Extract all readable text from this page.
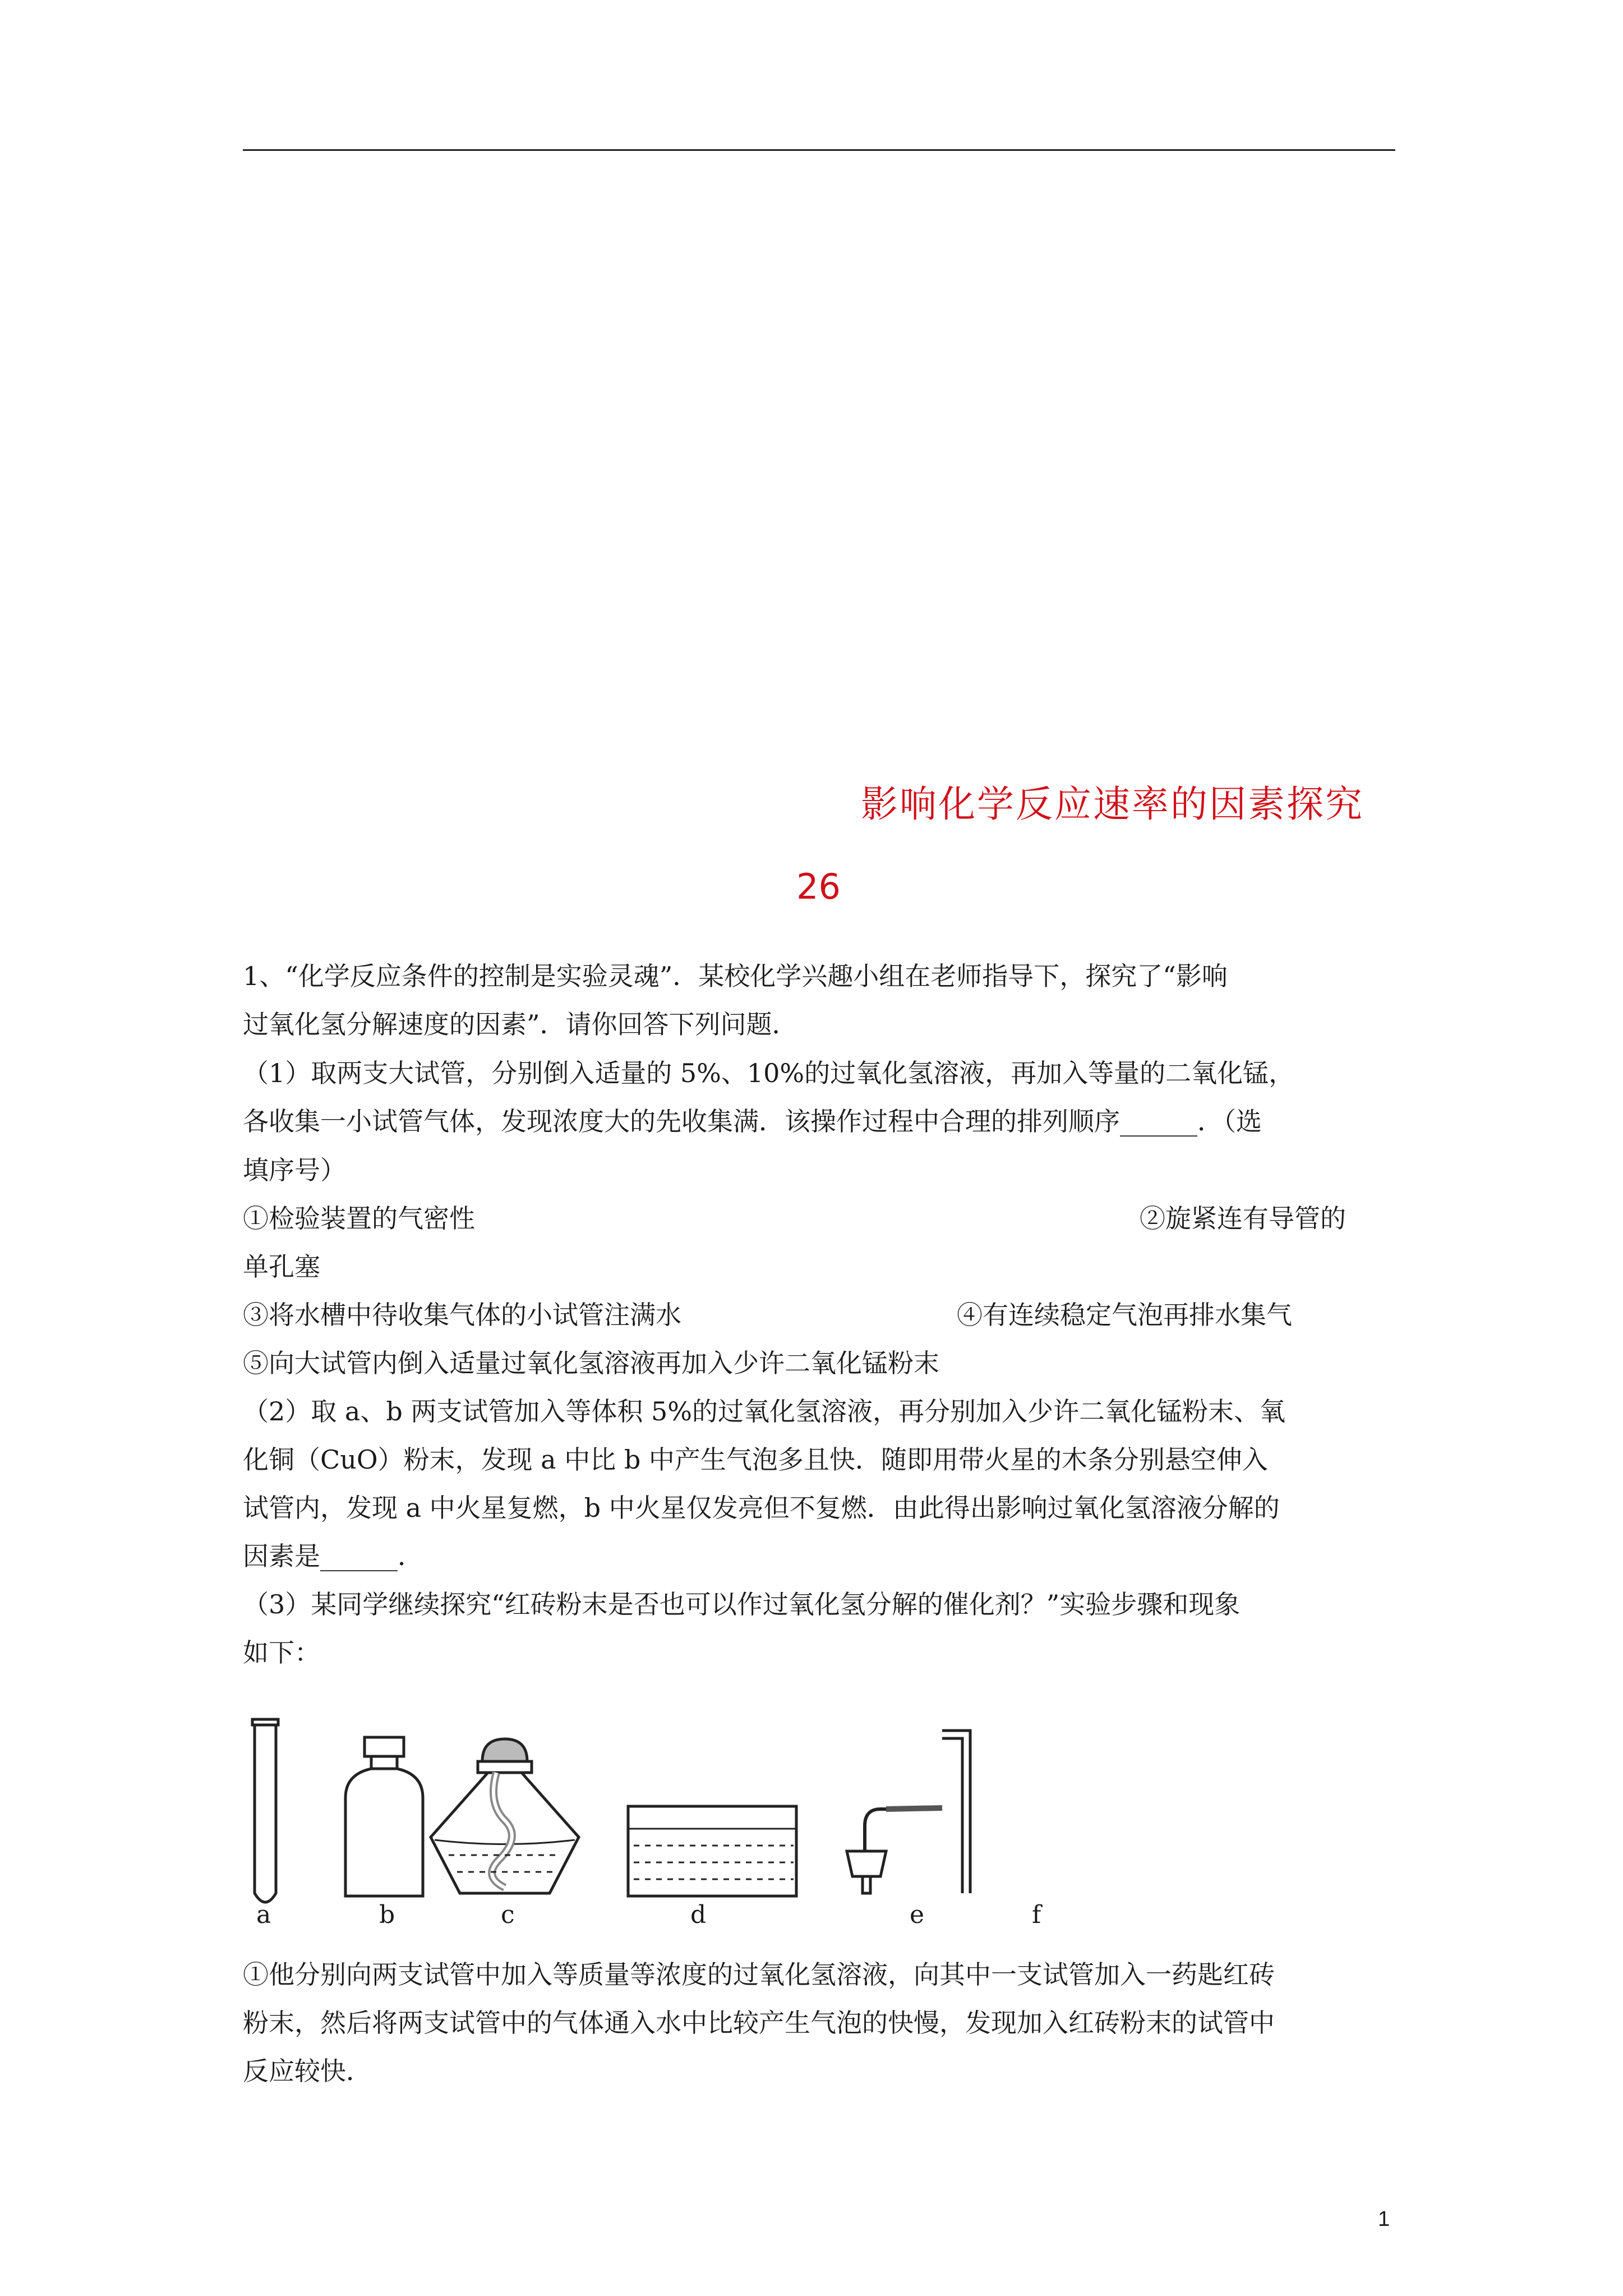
影响化学反应速率的因素探究
26
1、“化学反应条件的控制是实验灵魂”．某校化学兴趣小组在老师指导下，探究了“影响
过氧化氢分解速度的因素”．请你回答下列问题．
（1）取两支大试管，分别倒入适量的 5%、10%的过氧化氢溶液，再加入等量的二氧化锰，
各收集一小试管气体，发现浓度大的先收集满．该操作过程中合理的排列顺序______．（选
填序号）
①检验装置的气密性	②旋紧连有导管的
单孔塞
③将水槽中待收集气体的小试管注满水	④有连续稳定气泡再排水集气
⑤向大试管内倒入适量过氧化氢溶液再加入少许二氧化锰粉末
（2）取 a、b 两支试管加入等体积 5%的过氧化氢溶液，再分别加入少许二氧化锰粉末、氧
化铜（CuO）粉末，发现 a 中比 b 中产生气泡多且快．随即用带火星的木条分别悬空伸入
试管内，发现 a 中火星复燃，b 中火星仅发亮但不复燃．由此得出影响过氧化氢溶液分解的
因素是______．
（3）某同学继续探究“红砖粉末是否也可以作过氧化氢分解的催化剂？”实验步骤和现象
如下：
a	b	c	d	e	f
①他分别向两支试管中加入等质量等浓度的过氧化氢溶液，向其中一支试管加入一药匙红砖
粉末，然后将两支试管中的气体通入水中比较产生气泡的快慢，发现加入红砖粉末的试管中
反应较快．
1
